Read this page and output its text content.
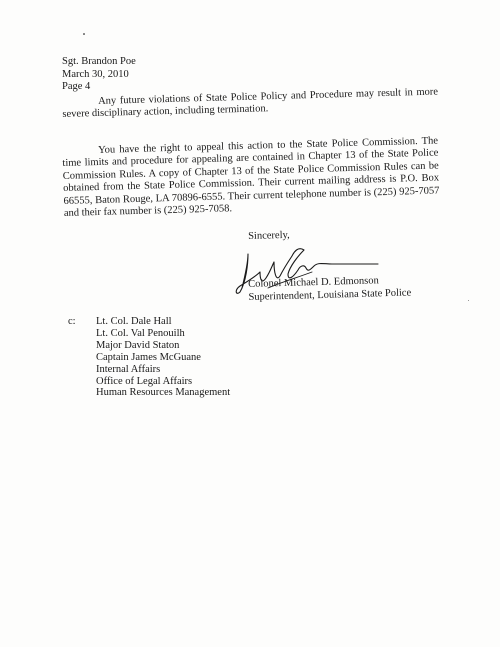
Sgt. Brandon Poe
March 30, 2010
Page 4
Any future violations of State Police Policy and Procedure may result in more severe disciplinary action, including termination.
You have the right to appeal this action to the State Police Commission. The time limits and procedure for appealing are contained in Chapter 13 of the State Police Commission Rules. A copy of Chapter 13 of the State Police Commission Rules can be obtained from the State Police Commission. Their current mailing address is P.O. Box 66555, Baton Rouge, LA 70896-6555. Their current telephone number is (225) 925-7057 and their fax number is (225) 925-7058.
Sincerely,
Colonel Michael D. Edmonson
Superintendent, Louisiana State Police
c: Lt. Col. Dale Hall
Lt. Col. Val Penouilh
Major David Staton
Captain James McGuane
Internal Affairs
Office of Legal Affairs
Human Resources Management
